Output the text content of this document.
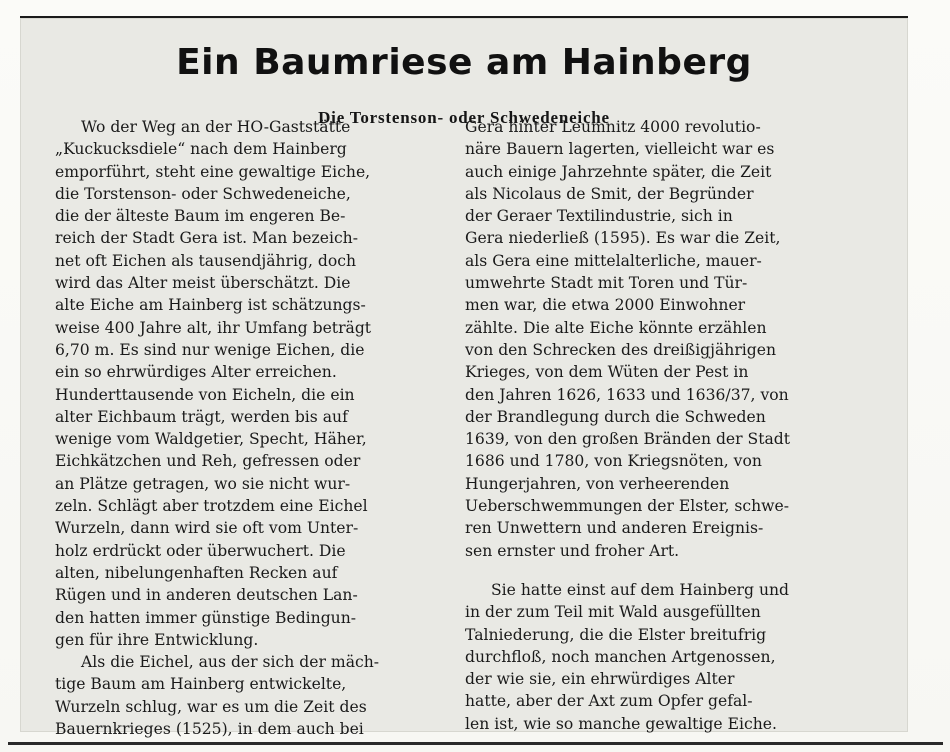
Ein Baumriese am Hainberg
Die Torstenson- oder Schwedeneiche
Wo der Weg an der HO-Gaststätte
„Kuckucksdiele“ nach dem Hainberg
emporführt, steht eine gewaltige Eiche,
die Torstenson- oder Schwedeneiche,
die der älteste Baum im engeren Be-
reich der Stadt Gera ist. Man bezeich-
net oft Eichen als tausendjährig, doch
wird das Alter meist überschätzt. Die
alte Eiche am Hainberg ist schätzungs-
weise 400 Jahre alt, ihr Umfang beträgt
6,70 m. Es sind nur wenige Eichen, die
ein so ehrwürdiges Alter erreichen.
Hunderttausende von Eicheln, die ein
alter Eichbaum trägt, werden bis auf
wenige vom Waldgetier, Specht, Häher,
Eichkätzchen und Reh, gefressen oder
an Plätze getragen, wo sie nicht wur-
zeln. Schlägt aber trotzdem eine Eichel
Wurzeln, dann wird sie oft vom Unter-
holz erdrückt oder überwuchert. Die
alten, nibelungenhaften Recken auf
Rügen und in anderen deutschen Lan-
den hatten immer günstige Bedingun-
gen für ihre Entwicklung.
Als die Eichel, aus der sich der mäch-
tige Baum am Hainberg entwickelte,
Wurzeln schlug, war es um die Zeit des
Bauernkrieges (1525), in dem auch bei
Gera hinter Leumnitz 4000 revolutio-
näre Bauern lagerten, vielleicht war es
auch einige Jahrzehnte später, die Zeit
als Nicolaus de Smit, der Begründer
der Geraer Textilindustrie, sich in
Gera niederließ (1595). Es war die Zeit,
als Gera eine mittelalterliche, mauer-
umwehrte Stadt mit Toren und Tür-
men war, die etwa 2000 Einwohner
zählte. Die alte Eiche könnte erzählen
von den Schrecken des dreißigjährigen
Krieges, von dem Wüten der Pest in
den Jahren 1626, 1633 und 1636/37, von
der Brandlegung durch die Schweden
1639, von den großen Bränden der Stadt
1686 und 1780, von Kriegsnöten, von
Hungerjahren, von verheerenden
Ueberschwemmungen der Elster, schwe-
ren Unwettern und anderen Ereignis-
sen ernster und froher Art.
Sie hatte einst auf dem Hainberg und
in der zum Teil mit Wald ausgefüllten
Talniederung, die die Elster breitufrig
durchfloß, noch manchen Artgenossen,
der wie sie, ein ehrwürdiges Alter
hatte, aber der Axt zum Opfer gefal-
len ist, wie so manche gewaltige Eiche.
